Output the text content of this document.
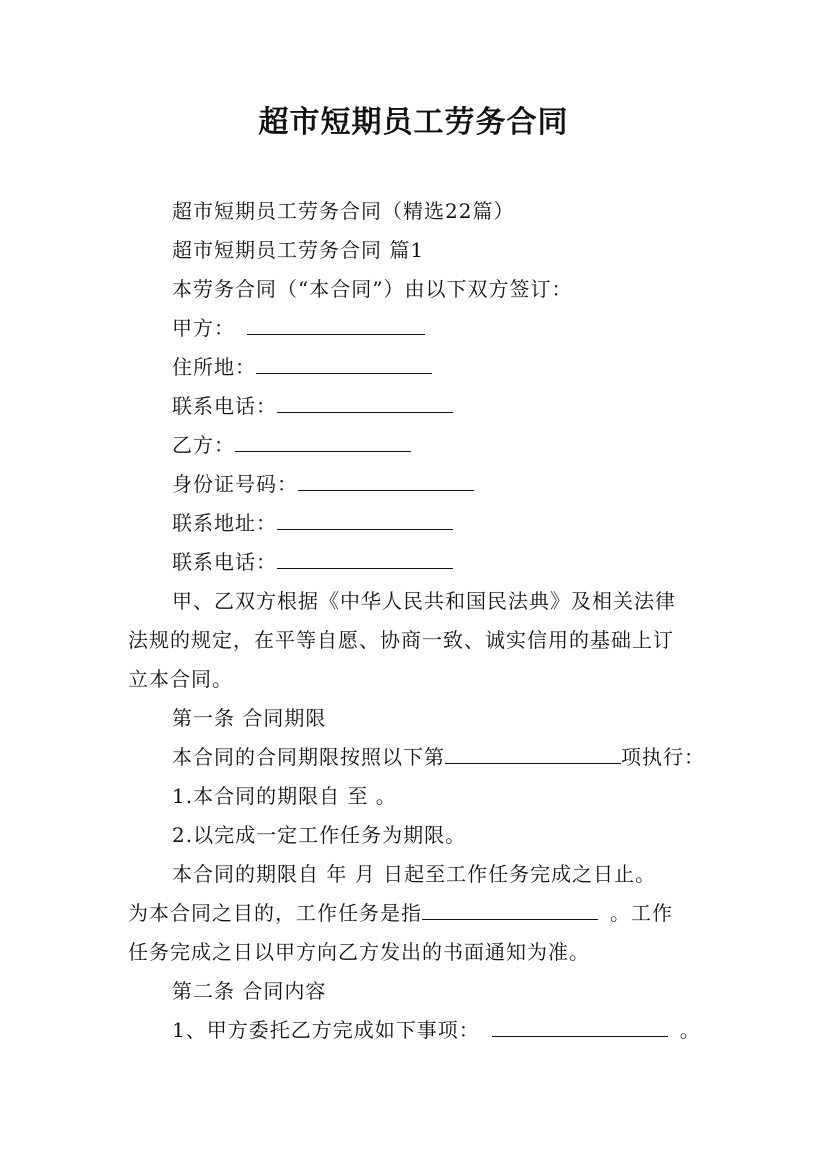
超市短期员工劳务合同
超市短期员工劳务合同（精选22篇）
超市短期员工劳务合同 篇1
本劳务合同（“本合同”）由以下双方签订：
甲方：
住所地：
联系电话：
乙方：
身份证号码：
联系地址：
联系电话：
甲、乙双方根据《中华人民共和国民法典》及相关法律
法规的规定，在平等自愿、协商一致、诚实信用的基础上订
立本合同。
第一条 合同期限
本合同的合同期限按照以下第	项执行：
1.本合同的期限自 至 。
2.以完成一定工作任务为期限。
本合同的期限自 年 月 日起至工作任务完成之日止。
为本合同之目的，工作任务是指	。工作
任务完成之日以甲方向乙方发出的书面通知为准。
第二条 合同内容
1、甲方委托乙方完成如下事项：	。
